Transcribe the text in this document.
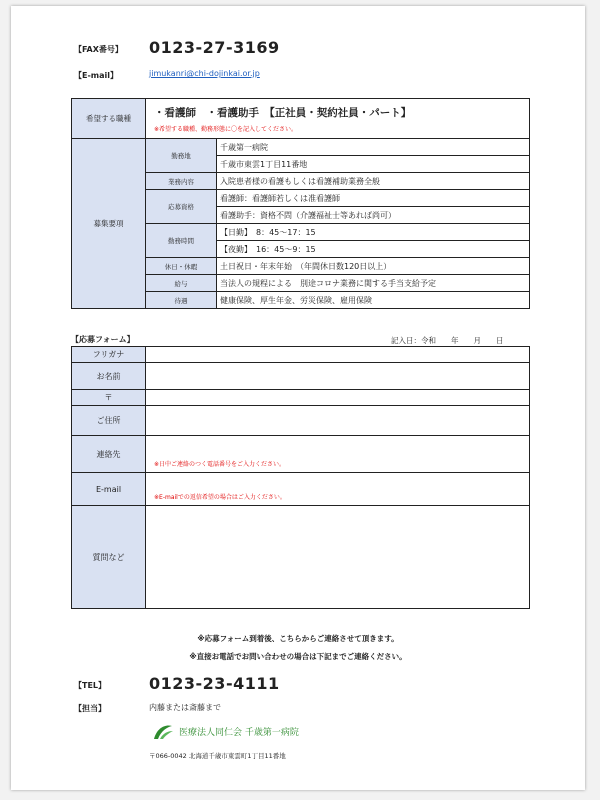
【FAX番号】 0123-27-3169
【E-mail】	jimukanri@chi-dojinkai.or.jp
希望する職種	・看護師　・看護助手　【正社員・契約社員・パート】
※希望する職種、勤務形態に〇を記入してください。	

募集要項	勤務地	千歳第一病院
		千歳市東雲1丁目11番地
	業務内容	入院患者様の看護もしくは看護補助業務全般
	応募資格	看護師：看護師若しくは准看護師
		看護助手：資格不問（介護福祉士等あれば尚可）
	勤務時間	【日勤】　8：45～17：15
		【夜勤】　16：45～9：15
	休日・休暇	土日祝日・年末年始　（年間休日数120日以上）
	給与	当法人の規程による　別途コロナ業務に関する手当支給予定
	待遇	健康保険、厚生年金、労災保険、雇用保険
【応募フォーム】	記入日：令和　　年　　月　　日
フリガナ	
お名前	
〒	
ご住所	
連絡先	※日中ご連絡のつく電話番号をご入力ください。
E-mail	※E-mailでの返信希望の場合はご入力ください。
質問など	
※応募フォーム到着後、こちらからご連絡させて頂きます。
※直接お電話でお問い合わせの場合は下記までご連絡ください。
【TEL】	0123-23-4111
【担当】	内藤または斎藤まで
医療法人同仁会 千歳第一病院
〒066-0042 北海道千歳市東雲町1丁目11番地
